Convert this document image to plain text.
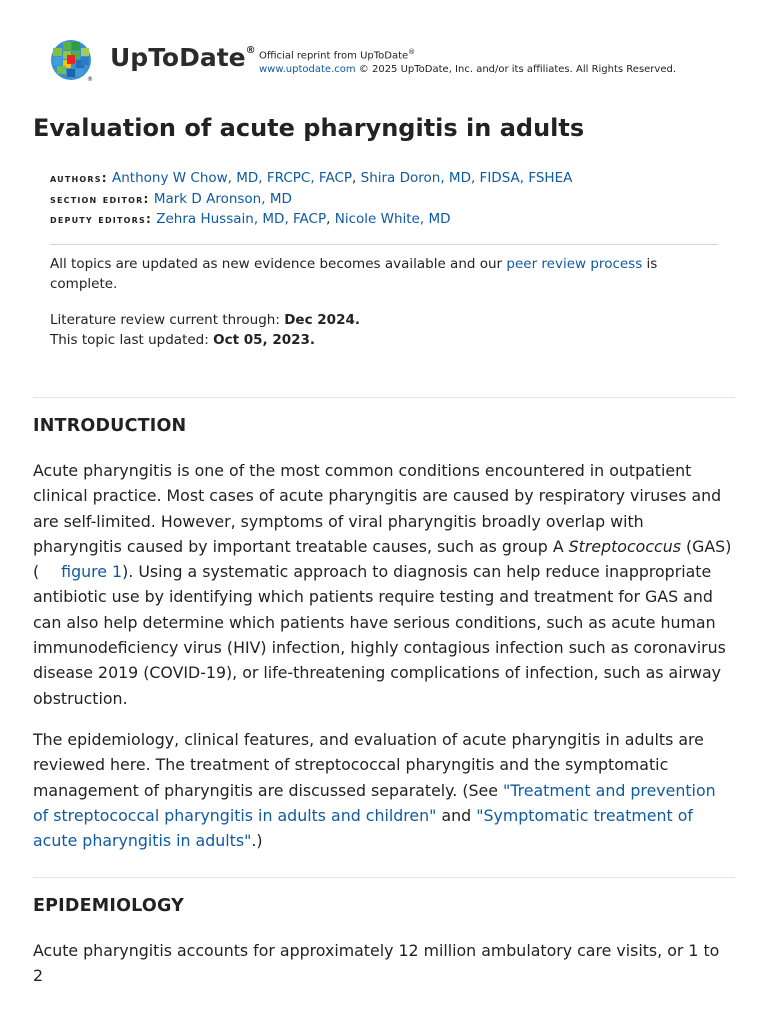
®
UpToDate®
Official reprint from UpToDate®
www.uptodate.com © 2025 UpToDate, Inc. and/or its affiliates. All Rights Reserved.
Evaluation of acute pharyngitis in adults
authors: Anthony W Chow, MD, FRCPC, FACP, Shira Doron, MD, FIDSA, FSHEA
section editor: Mark D Aronson, MD
deputy editors: Zehra Hussain, MD, FACP, Nicole White, MD
All topics are updated as new evidence becomes available and our peer review process is complete.
Literature review current through: Dec 2024.
This topic last updated: Oct 05, 2023.
INTRODUCTION

Acute pharyngitis is one of the most common conditions encountered in outpatient clinical practice. Most cases of acute pharyngitis are caused by respiratory viruses and are self-limited. However, symptoms of viral pharyngitis broadly overlap with pharyngitis caused by important treatable causes, such as group A Streptococcus (GAS) ( figure 1). Using a systematic approach to diagnosis can help reduce inappropriate antibiotic use by identifying which patients require testing and treatment for GAS and can also help determine which patients have serious conditions, such as acute human immunodeficiency virus (HIV) infection, highly contagious infection such as coronavirus disease 2019 (COVID-19), or life-threatening complications of infection, such as airway obstruction.

The epidemiology, clinical features, and evaluation of acute pharyngitis in adults are reviewed here. The treatment of streptococcal pharyngitis and the symptomatic management of pharyngitis are discussed separately. (See "Treatment and prevention of streptococcal pharyngitis in adults and children" and "Symptomatic treatment of acute pharyngitis in adults".)

EPIDEMIOLOGY

Acute pharyngitis accounts for approximately 12 million ambulatory care visits, or 1 to 2
